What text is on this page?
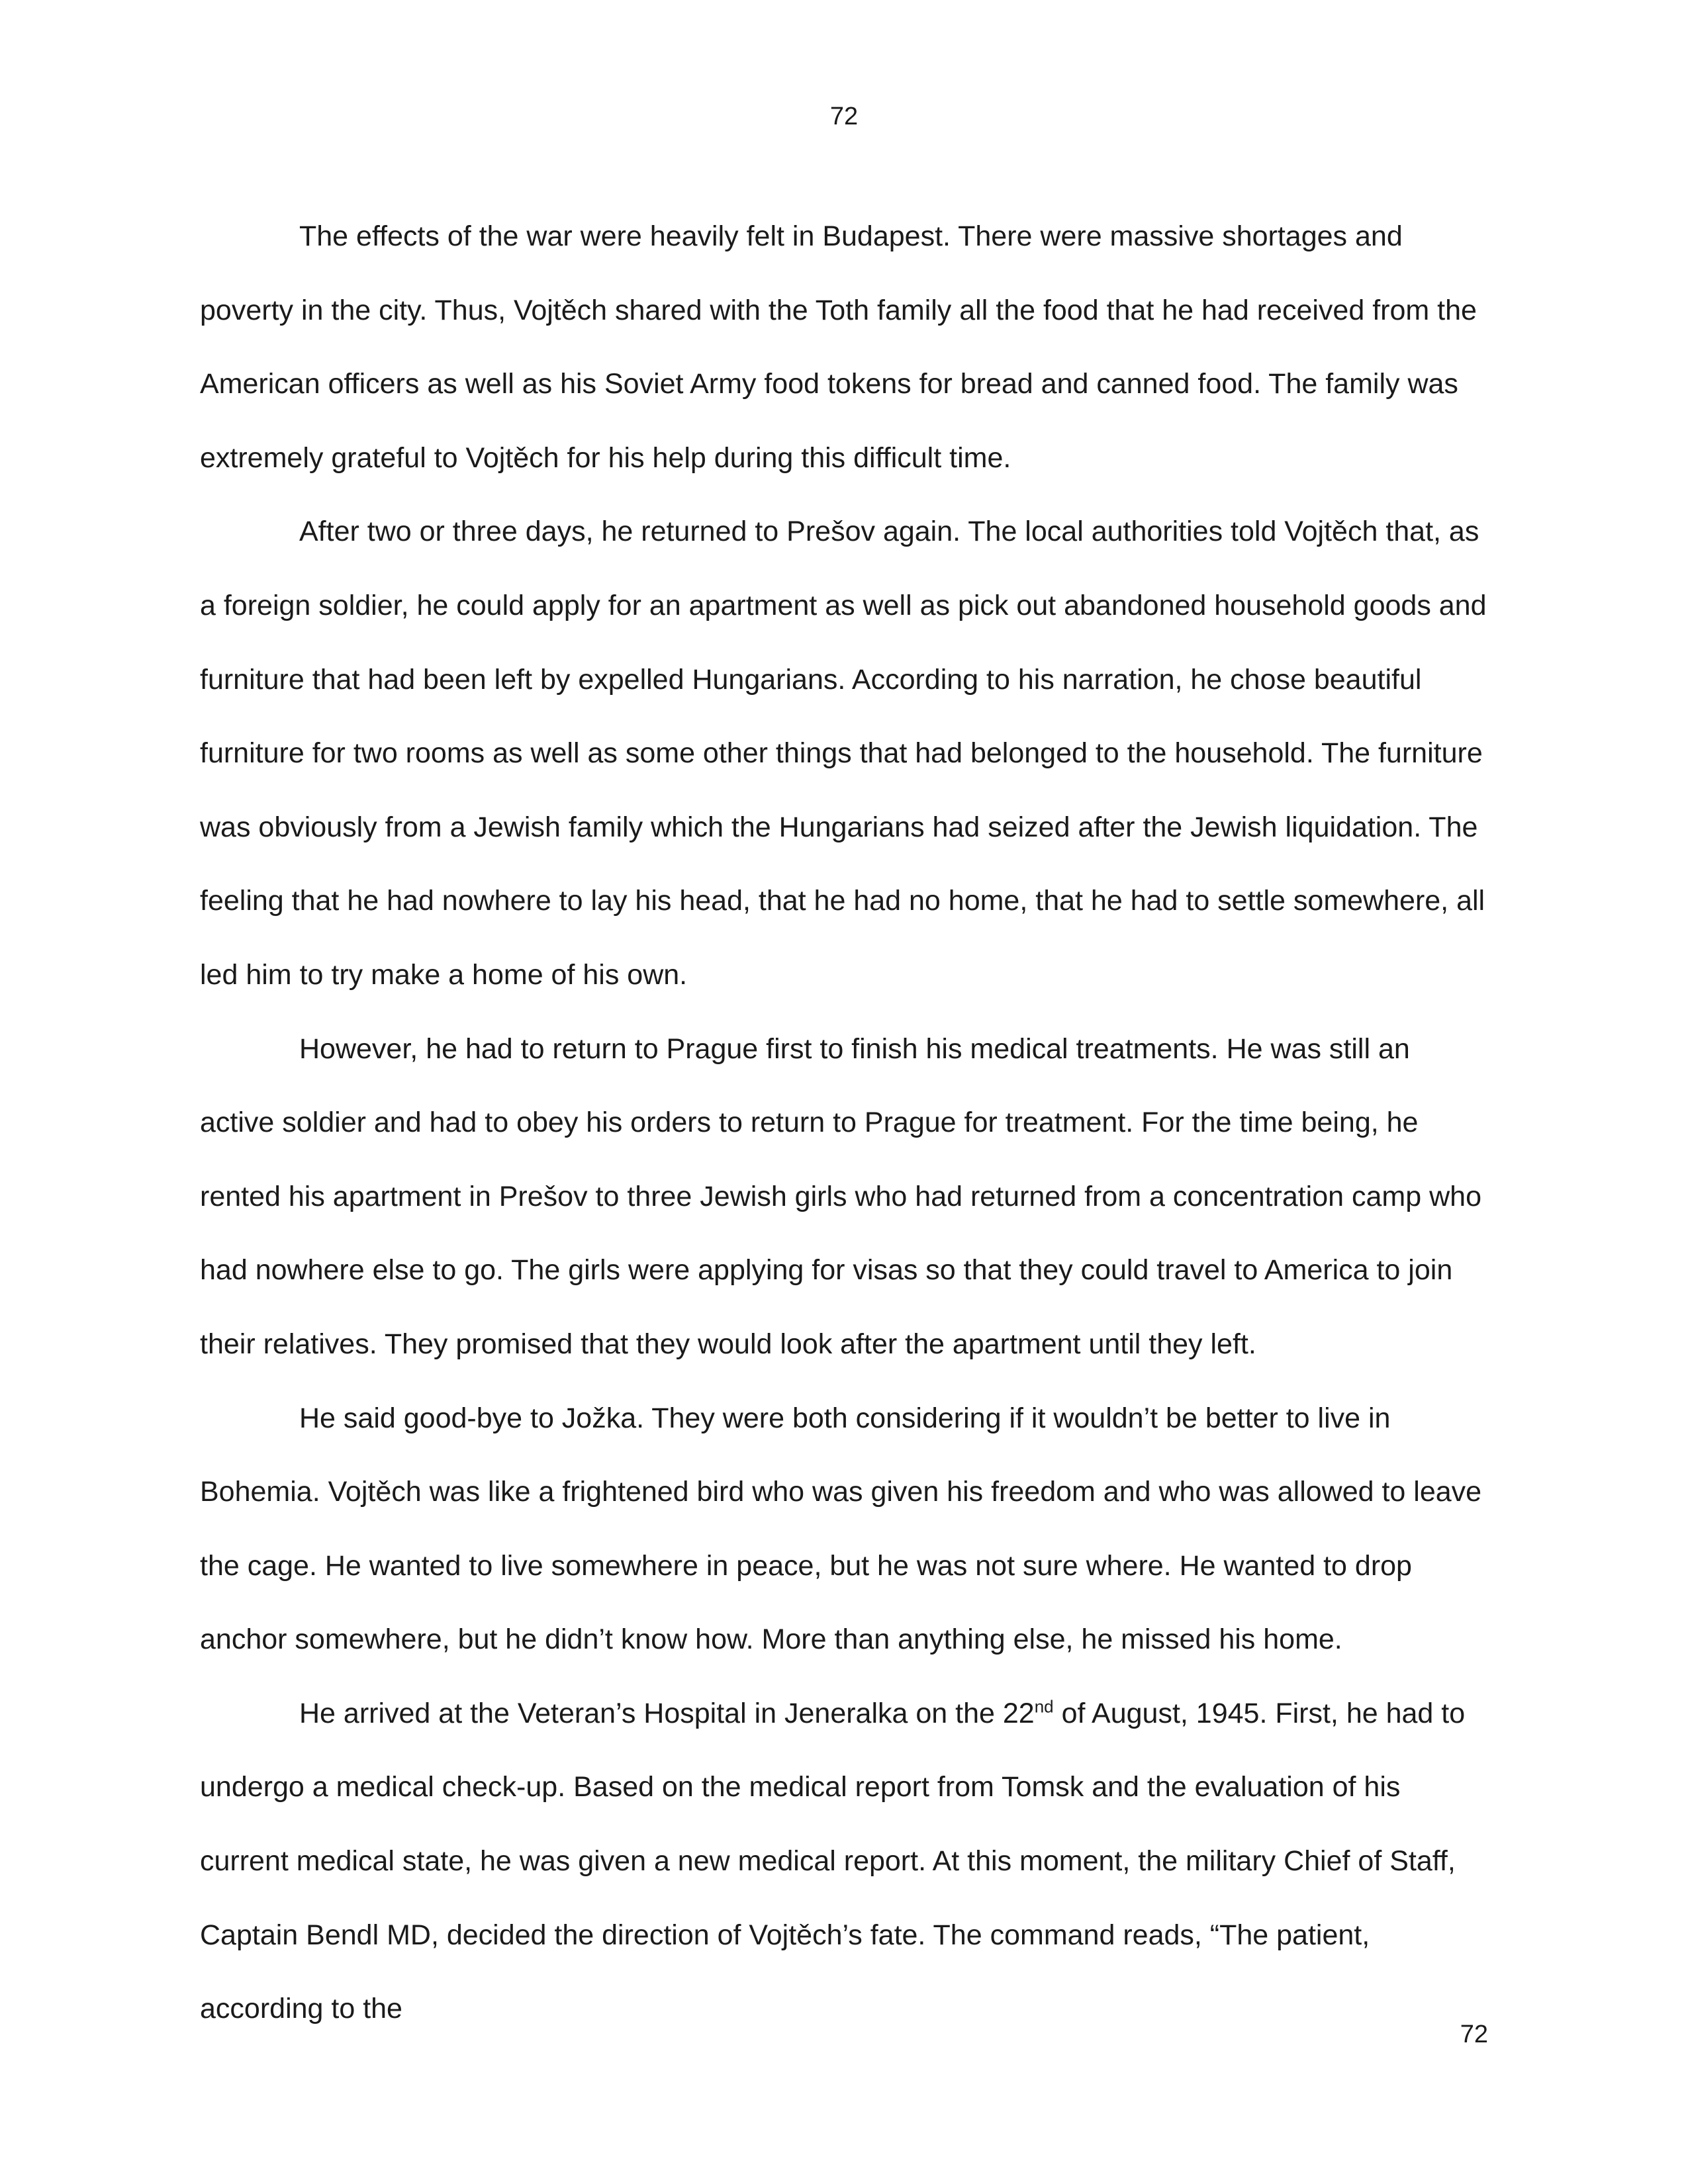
72

The effects of the war were heavily felt in Budapest. There were massive shortages and poverty in the city. Thus, Vojtěch shared with the Toth family all the food that he had received from the American officers as well as his Soviet Army food tokens for bread and canned food. The family was extremely grateful to Vojtěch for his help during this difficult time.

After two or three days, he returned to Prešov again. The local authorities told Vojtěch that, as a foreign soldier, he could apply for an apartment as well as pick out abandoned household goods and furniture that had been left by expelled Hungarians. According to his narration, he chose beautiful furniture for two rooms as well as some other things that had belonged to the household. The furniture was obviously from a Jewish family which the Hungarians had seized after the Jewish liquidation. The feeling that he had nowhere to lay his head, that he had no home, that he had to settle somewhere, all led him to try make a home of his own.

However, he had to return to Prague first to finish his medical treatments. He was still an active soldier and had to obey his orders to return to Prague for treatment. For the time being, he rented his apartment in Prešov to three Jewish girls who had returned from a concentration camp who had nowhere else to go. The girls were applying for visas so that they could travel to America to join their relatives. They promised that they would look after the apartment until they left.

He said good-bye to Jožka. They were both considering if it wouldn’t be better to live in Bohemia. Vojtěch was like a frightened bird who was given his freedom and who was allowed to leave the cage. He wanted to live somewhere in peace, but he was not sure where. He wanted to drop anchor somewhere, but he didn’t know how. More than anything else, he missed his home.

He arrived at the Veteran’s Hospital in Jeneralka on the 22nd of August, 1945. First, he had to undergo a medical check-up. Based on the medical report from Tomsk and the evaluation of his current medical state, he was given a new medical report. At this moment, the military Chief of Staff, Captain Bendl MD, decided the direction of Vojtěch’s fate. The command reads, “The patient, according to the

72
